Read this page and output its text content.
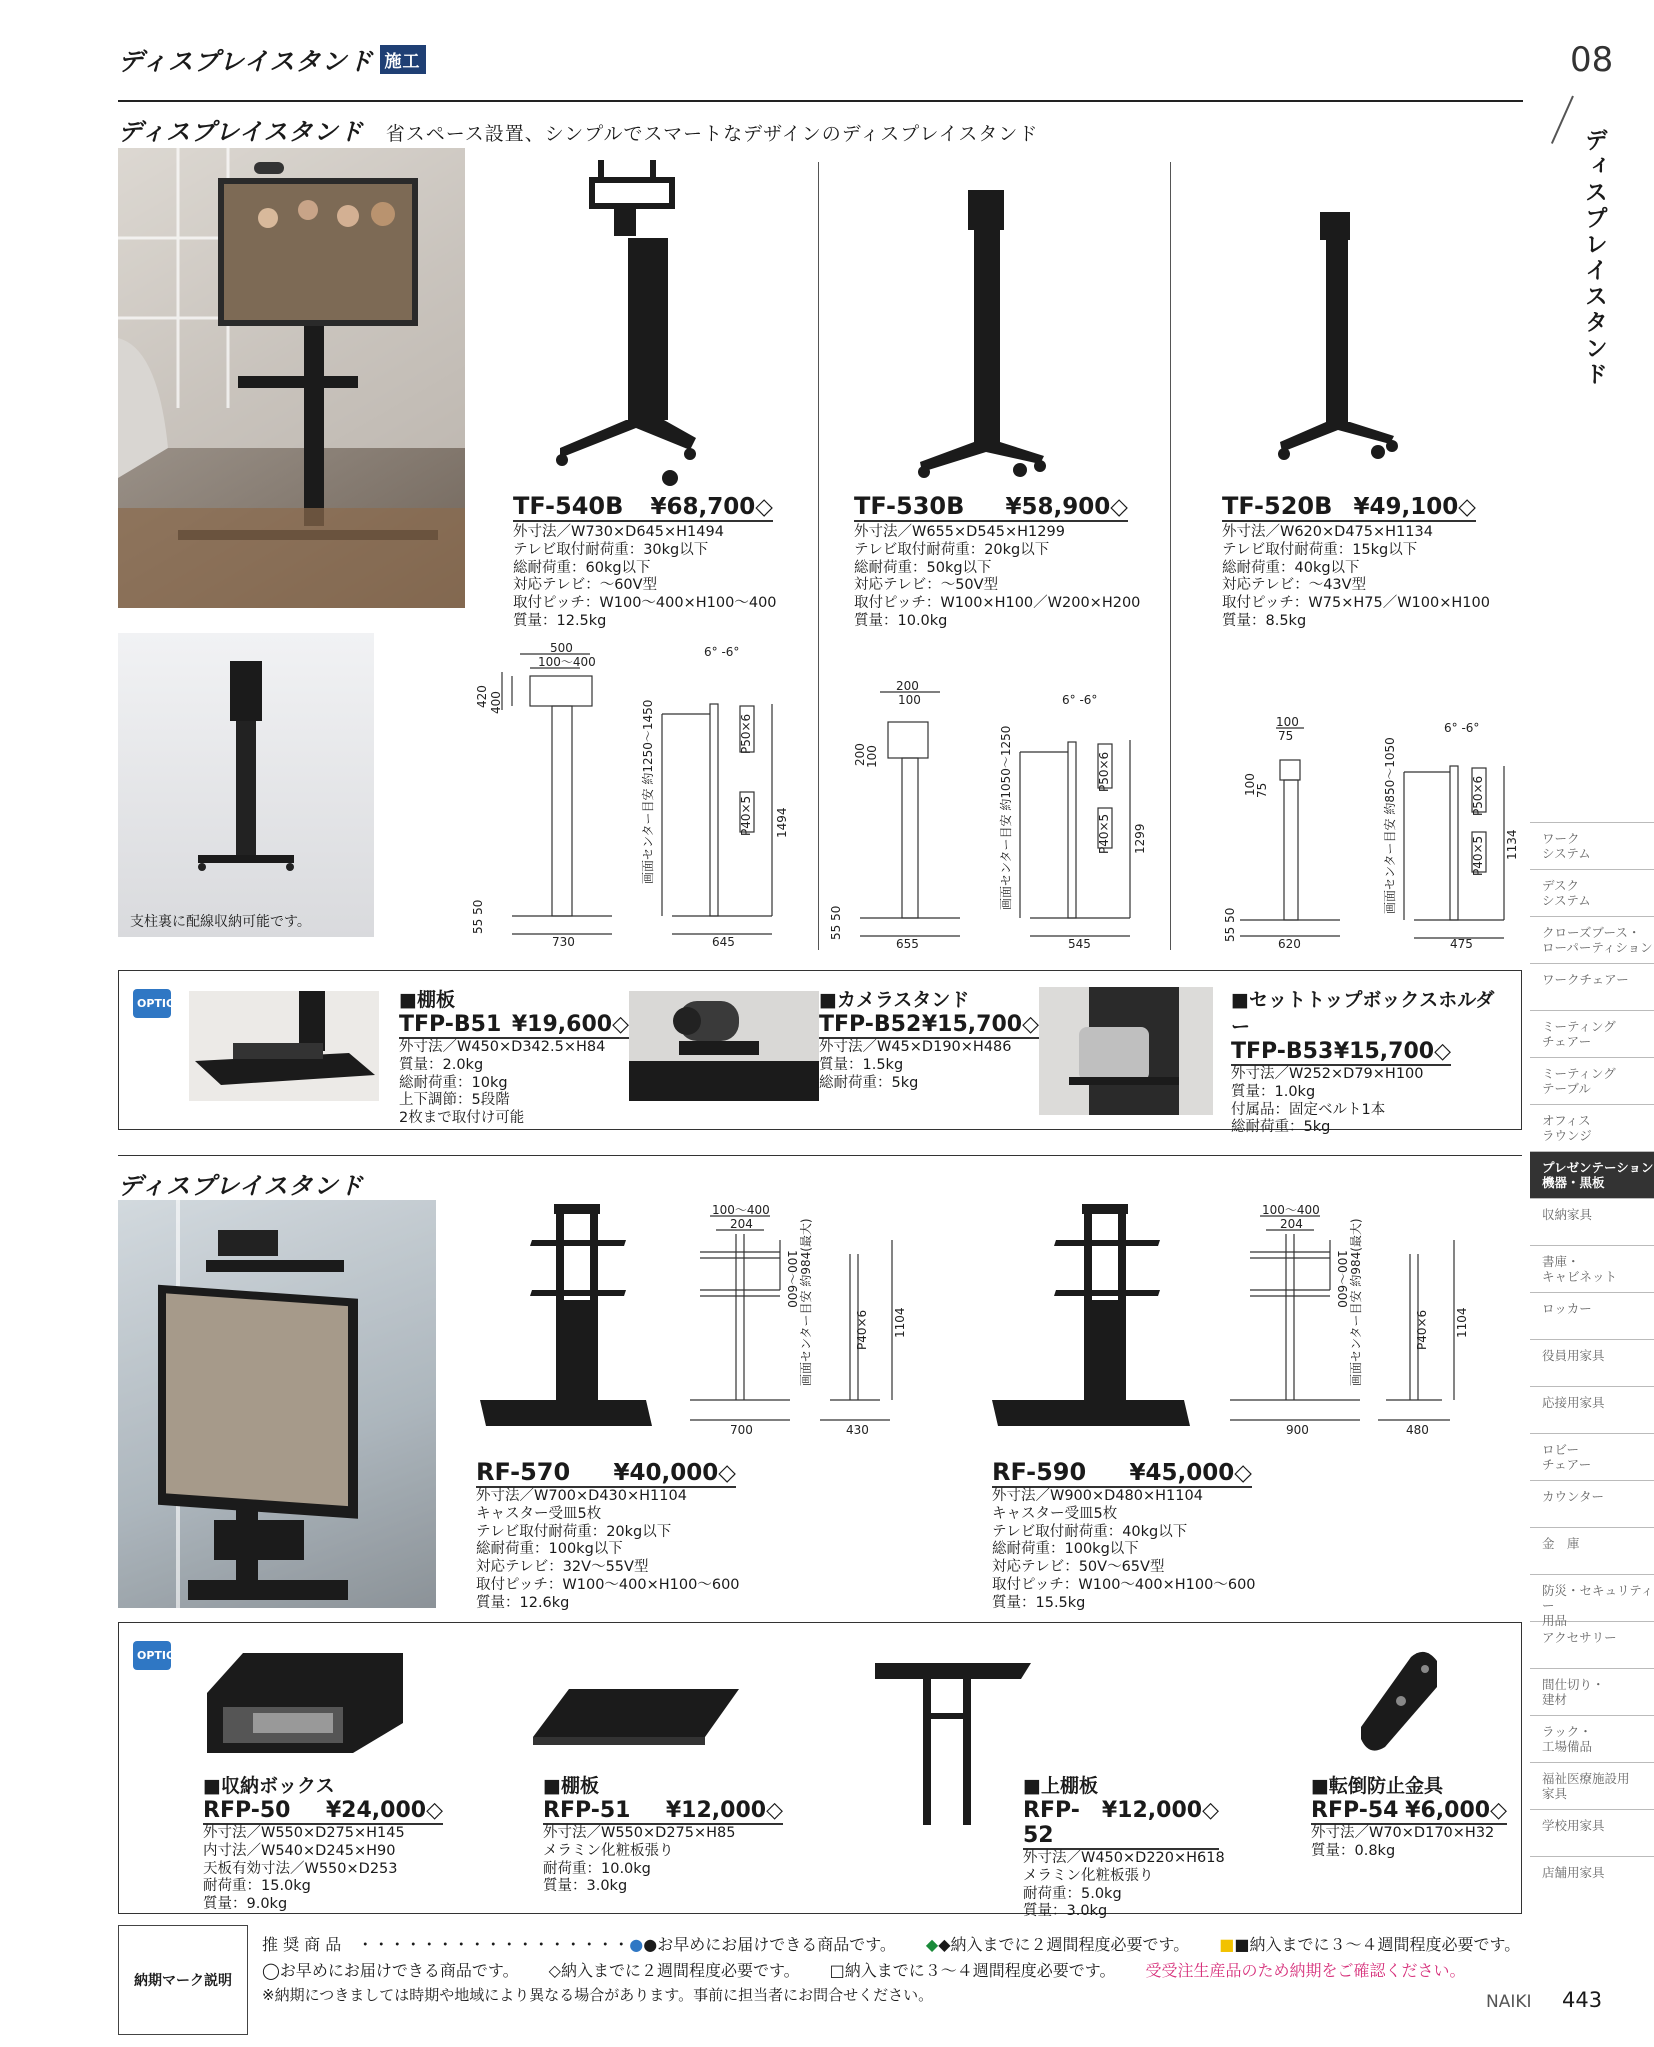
ディスプレイスタンド 施工	08
ディスプレイスタンド
ディスプレイスタンド 省スペース設置、シンプルでスマートなデザインのディスプレイスタンド
支柱裏に配線収納可能です。
TF-540B ¥68,700◇
外寸法／W730×D645×H1494
テレビ取付耐荷重：30kg以下
総耐荷重：60kg以下
対応テレビ：～60V型
取付ピッチ：W100～400×H100～400
質量：12.5kg
TF-530B ¥58,900◇
外寸法／W655×D545×H1299
テレビ取付耐荷重：20kg以下
総耐荷重：50kg以下
対応テレビ：～50V型
取付ピッチ：W100×H100／W200×H200
質量：10.0kg
TF-520B ¥49,100◇
外寸法／W620×D475×H1134
テレビ取付耐荷重：15kg以下
総耐荷重：40kg以下
対応テレビ：～43V型
取付ピッチ：W75×H75／W100×H100
質量：8.5kg
500
100～400
420 400
6° -6°
画面センター目安 約1250～1450	P50×6
P40×5 1494
55 50
730	645
200
100
200
100
6° -6°
画面センター目安 約1050～1250	P50×6
P40×5 1299
55 50
655	545
100
75
100
75
6° -6°
画面センター目安 約850～1050	P50×6
P40×5 1134
55 50
620	475
OPTION	■棚板
TFP-B51 ¥19,600◇
外寸法／W450×D342.5×H84
質量：2.0kg
総耐荷重：10kg
上下調節：5段階
2枚まで取付け可能
■カメラスタンド
TFP-B52 ¥15,700◇
外寸法／W45×D190×H486
質量：1.5kg
総耐荷重：5kg
■セットトップボックスホルダー
TFP-B53 ¥15,700◇
外寸法／W252×D79×H100
質量：1.0kg
付属品：固定ベルト1本
総耐荷重：5kg
ディスプレイスタンド
100～400
204
100～600 画面センター目安 約984(最大)	P40×6 1104
700	430
100～400
204
100～600 画面センター目安 約984(最大)	P40×6 1104
900	480
RF-570 ¥40,000◇
外寸法／W700×D430×H1104
キャスター受皿5枚
テレビ取付耐荷重：20kg以下
総耐荷重：100kg以下
対応テレビ：32V～55V型
取付ピッチ：W100～400×H100～600
質量：12.6kg
RF-590 ¥45,000◇
外寸法／W900×D480×H1104
キャスター受皿5枚
テレビ取付耐荷重：40kg以下
総耐荷重：100kg以下
対応テレビ：50V～65V型
取付ピッチ：W100～400×H100～600
質量：15.5kg
OPTION
■収納ボックス
RFP-50 ¥24,000◇
外寸法／W550×D275×H145
内寸法／W540×D245×H90
天板有効寸法／W550×D253
耐荷重：15.0kg
質量：9.0kg
■棚板
RFP-51 ¥12,000◇
外寸法／W550×D275×H85
メラミン化粧板張り
耐荷重：10.0kg
質量：3.0kg
■上棚板
RFP-52
¥12,000◇
外寸法／W450×D220×H618
メラミン化粧板張り
耐荷重：5.0kg
質量：3.0kg
■転倒防止金具
RFP-54 ¥6,000◇
外寸法／W70×D170×H32
質量：0.8kg
ワーク
システム
デスク
システム
クローズブース・
ローパーティション
ワークチェアー
ミーティング
チェアー
ミーティング
テーブル
オフィス
ラウンジ
プレゼンテーション
機器・黒板
収納家具
書庫・
キャビネット
ロッカー
役員用家具
応接用家具
ロビー
チェアー
カウンター
金　庫
防災・セキュリティー
用品
アクセサリー
間仕切り・
建材
ラック・
工場備品
福祉医療施設用
家具
学校用家具
店舗用家具
納期マーク説明
推 奨 商 品　・・・・・・・・・・・・・・・・・●●お早めにお届けできる商品です。 ◆◆納入までに２週間程度必要です。 ■■納入までに３～４週間程度必要です。
◯お早めにお届けできる商品です。 ◇納入までに２週間程度必要です。 □納入までに３～４週間程度必要です。 受受注生産品のため納期をご確認ください。
※納期につきましては時期や地域により異なる場合があります。事前に担当者にお問合せください。	NAIKI 443
